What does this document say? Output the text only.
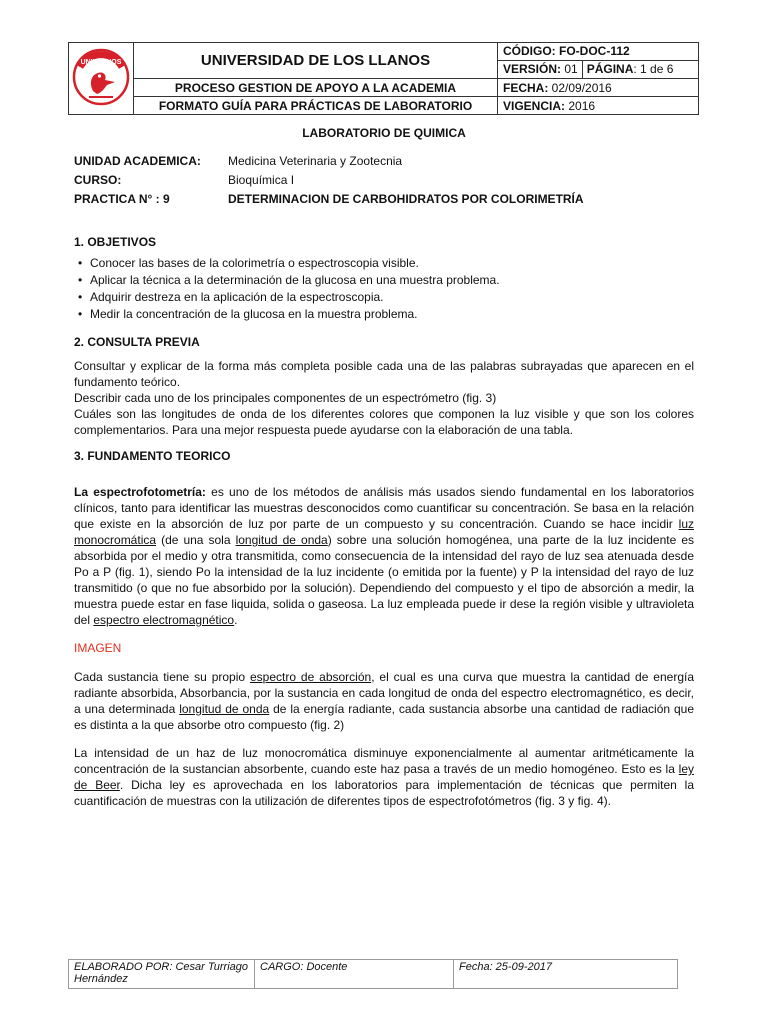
UNILLANOS	UNIVERSIDAD DE LOS LLANOS	CÓDIGO: FO-DOC-112
VERSIÓN: 01 PÁGINA: 1 de 6

	PROCESO GESTION DE APOYO A LA ACADEMIA	FECHA: 02/09/2016
	FORMATO GUÍA PARA PRÁCTICAS DE LABORATORIO	VIGENCIA: 2016
LABORATORIO DE QUIMICA
UNIDAD ACADEMICA:	Medicina Veterinaria y Zootecnia
CURSO:	Bioquímica I
PRACTICA N° : 9	DETERMINACION DE CARBOHIDRATOS POR COLORIMETRÍA
1. OBJETIVOS
• Conocer las bases de la colorimetría o espectroscopia visible.
• Aplicar la técnica a la determinación de la glucosa en una muestra problema.
• Adquirir destreza en la aplicación de la espectroscopia.
• Medir la concentración de la glucosa en la muestra problema.
2. CONSULTA PREVIA
Consultar y explicar de la forma más completa posible cada una de las palabras subrayadas que aparecen en el fundamento teórico.
Describir cada uno de los principales componentes de un espectrómetro (fig. 3)
Cuáles son las longitudes de onda de los diferentes colores que componen la luz visible y que son los colores complementarios. Para una mejor respuesta puede ayudarse con la elaboración de una tabla.
3. FUNDAMENTO TEORICO
La espectrofotometría: es uno de los métodos de análisis más usados siendo fundamental en los laboratorios clínicos, tanto para identificar las muestras desconocidos como cuantificar su concentración. Se basa en la relación que existe en la absorción de luz por parte de un compuesto y su concentración. Cuando se hace incidir luz monocromática (de una sola longitud de onda) sobre una solución homogénea, una parte de la luz incidente es absorbida por el medio y otra transmitida, como consecuencia de la intensidad del rayo de luz sea atenuada desde Po a P (fig. 1), siendo Po la intensidad de la luz incidente (o emitida por la fuente) y P la intensidad del rayo de luz transmitido (o que no fue absorbido por la solución). Dependiendo del compuesto y el tipo de absorción a medir, la muestra puede estar en fase liquida, solida o gaseosa. La luz empleada puede ir dese la región visible y ultravioleta del espectro electromagnético.
IMAGEN
Cada sustancia tiene su propio espectro de absorción, el cual es una curva que muestra la cantidad de energía radiante absorbida, Absorbancia, por la sustancia en cada longitud de onda del espectro electromagnético, es decir, a una determinada longitud de onda de la energía radiante, cada sustancia absorbe una cantidad de radiación que es distinta a la que absorbe otro compuesto (fig. 2)
La intensidad de un haz de luz monocromática disminuye exponencialmente al aumentar aritméticamente la concentración de la sustancian absorbente, cuando este haz pasa a través de un medio homogéneo. Esto es la ley de Beer. Dicha ley es aprovechada en los laboratorios para implementación de técnicas que permiten la cuantificación de muestras con la utilización de diferentes tipos de espectrofotómetros (fig. 3 y fig. 4).
ELABORADO POR: Cesar Turriago Hernández	CARGO: Docente	Fecha: 25-09-2017
